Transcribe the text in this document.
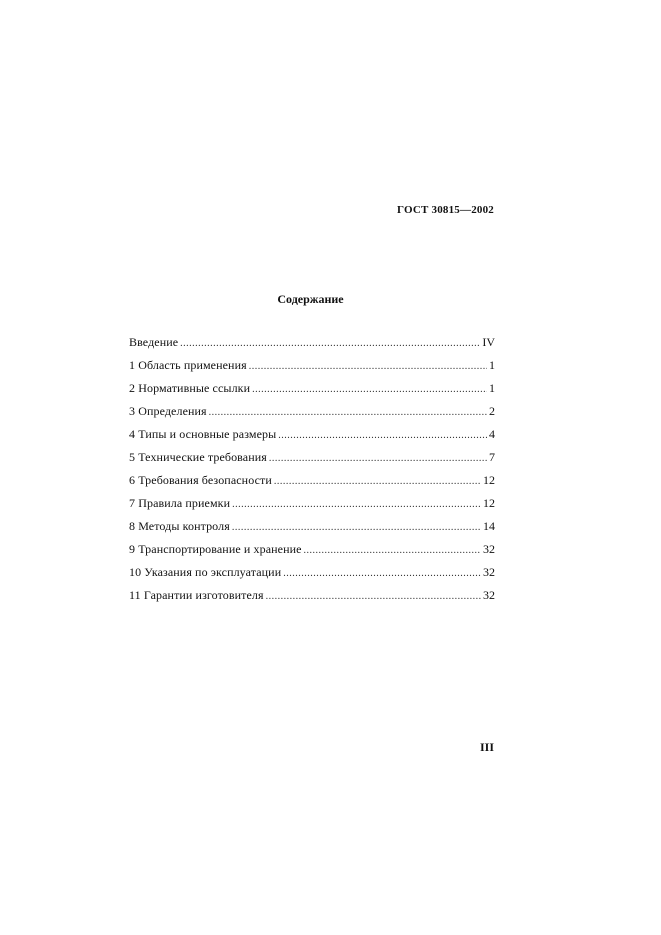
ГОСТ 30815—2002
Содержание
Введение .....	IV
1 Область применения .....	1
2 Нормативные ссылки .....	1
3 Определения .....	2
4 Типы и основные размеры .....	4
5 Технические требования .....	7
6 Требования безопасности .....	12
7 Правила приемки .....	12
8 Методы контроля .....	14
9 Транспортирование и хранение .....	32
10 Указания по эксплуатации .....	32
11 Гарантии изготовителя .....	32
III
